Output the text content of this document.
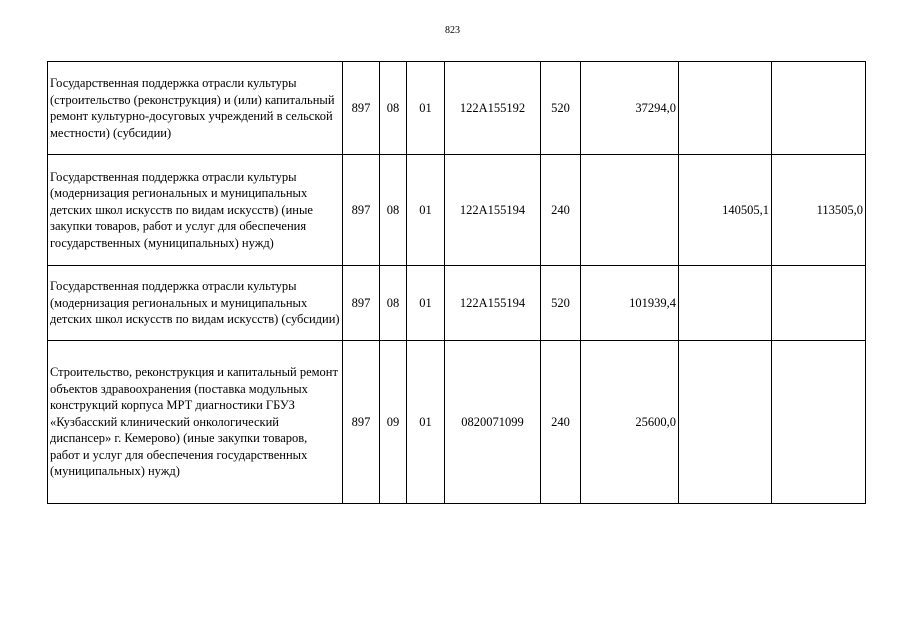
823
Государственная поддержка отрасли культуры (строительство (реконструкция) и (или) капитальный ремонт культурно-досуговых учреждений в сельской местности) (субсидии)	897	08	01	122A155192	520	37294,0		
Государственная поддержка отрасли культуры (модернизация региональных и муниципальных детских школ искусств по видам искусств) (иные закупки товаров, работ и услуг для обеспечения государственных (муниципальных) нужд)	897	08	01	122A155194	240		140505,1	113505,0
Государственная поддержка отрасли культуры (модернизация региональных и муниципальных детских школ искусств по видам искусств) (субсидии)	897	08	01	122A155194	520	101939,4		
Строительство, реконструкция и капитальный ремонт объектов здравоохранения (поставка модульных конструкций корпуса МРТ диагностики ГБУЗ «Кузбасский клинический онкологический диспансер» г. Кемерово) (иные закупки товаров, работ и услуг для обеспечения государственных (муниципальных) нужд)	897	09	01	0820071099	240	25600,0		
